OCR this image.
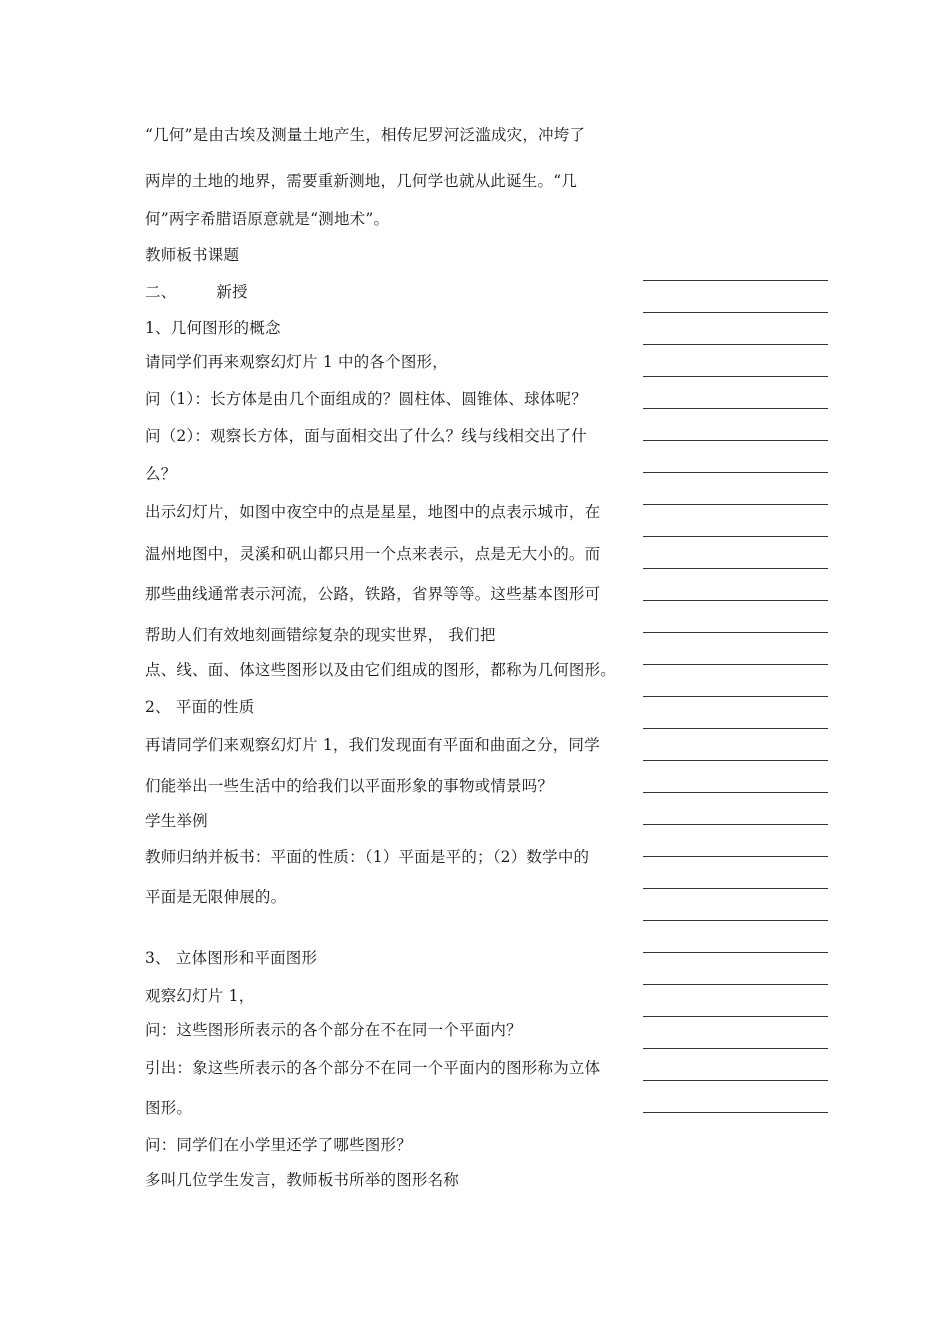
“几何”是由古埃及测量土地产生，相传尼罗河泛滥成灾，冲垮了
两岸的土地的地界，需要重新测地，几何学也就从此诞生。“几
何”两字希腊语原意就是“测地术”。
教师板书课题
二、	新授
1、几何图形的概念
请同学们再来观察幻灯片 1 中的各个图形，
问（1）：长方体是由几个面组成的？圆柱体、圆锥体、球体呢？
问（2）：观察长方体，面与面相交出了什么？线与线相交出了什
么？
出示幻灯片，如图中夜空中的点是星星，地图中的点表示城市，在
温州地图中，灵溪和矾山都只用一个点来表示，点是无大小的。而
那些曲线通常表示河流，公路，铁路，省界等等。这些基本图形可
帮助人们有效地刻画错综复杂的现实世界， 我们把
点、线、面、体这些图形以及由它们组成的图形，都称为几何图形。
2、 平面的性质
再请同学们来观察幻灯片 1，我们发现面有平面和曲面之分，同学
们能举出一些生活中的给我们以平面形象的事物或情景吗？
学生举例
教师归纳并板书：平面的性质：（1）平面是平的；（2）数学中的
平面是无限伸展的。
3、 立体图形和平面图形
观察幻灯片 1，
问：这些图形所表示的各个部分在不在同一个平面内？
引出：象这些所表示的各个部分不在同一个平面内的图形称为立体
图形。
问：同学们在小学里还学了哪些图形？
多叫几位学生发言，教师板书所举的图形名称
